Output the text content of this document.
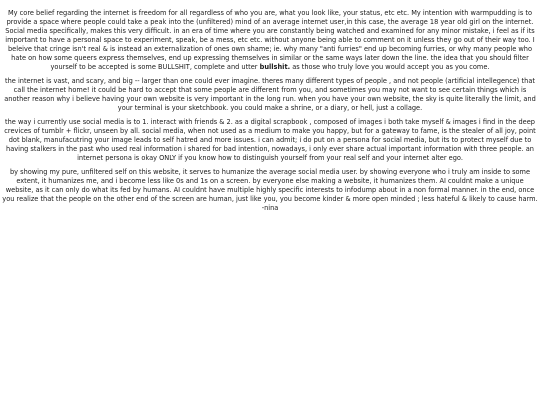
My core belief regarding the internet is freedom for all regardless of who you are, what you look like, your status, etc etc. My intention with warmpudding is to provide a space where people could take a peak into the (unfiltered) mind of an average internet user,in this case, the average 18 year old girl on the internet. Social media specifically, makes this very difficult. in an era of time where you are constantly being watched and examined for any minor mistake, i feel as if its important to have a personal space to experiment, speak, be a mess, etc etc. without anyone being able to comment on it unless they go out of their way too. I beleive that cringe isn't real & is instead an externalization of ones own shame; ie. why many "anti furries" end up becoming furries, or why many people who hate on how some queers express themselves, end up expressing themselves in similar or the same ways later down the line. the idea that you should filter yourself to be accepted is some BULLSHIT, complete and utter bullshit. as those who truly love you would accept you as you come.

the internet is vast, and scary, and big -- larger than one could ever imagine. theres many different types of people , and not people (artificial intellegence) that call the internet home! it could be hard to accept that some people are different from you, and sometimes you may not want to see certain things which is another reason why i believe having your own website is very important in the long run. when you have your own website, the sky is quite literally the limit, and your terminal is your sketchbook. you could make a shrine, or a diary, or hell, just a collage.

the way i currently use social media is to 1. interact with friends & 2. as a digital scrapbook , composed of images i both take myself & images i find in the deep crevices of tumblr + flickr, unseen by all. social media, when not used as a medium to make you happy, but for a gateway to fame, is the stealer of all joy, point dot blank, manufacutring your image leads to self hatred and more issues. i can admit; i do put on a persona for social media, but its to protect myself due to having stalkers in the past who used real information i shared for bad intention, nowadays, i only ever share actual important information with three people. an internet persona is okay ONLY if you know how to distinguish yourself from your real self and your internet alter ego.

by showing my pure, unfiltered self on this website, it serves to humanize the average social media user. by showing everyone who i truly am inside to some extent, it humanizes me, and i become less like 0s and 1s on a screen. by everyone else making a website, it humanizes them. AI couldnt make a unique website, as it can only do what its fed by humans. AI couldnt have multiple highly specific interests to infodump about in a non formal manner. in the end, once you realize that the people on the other end of the screen are human, just like you, you become kinder & more open minded ; less hateful & likely to cause harm.
-nina
